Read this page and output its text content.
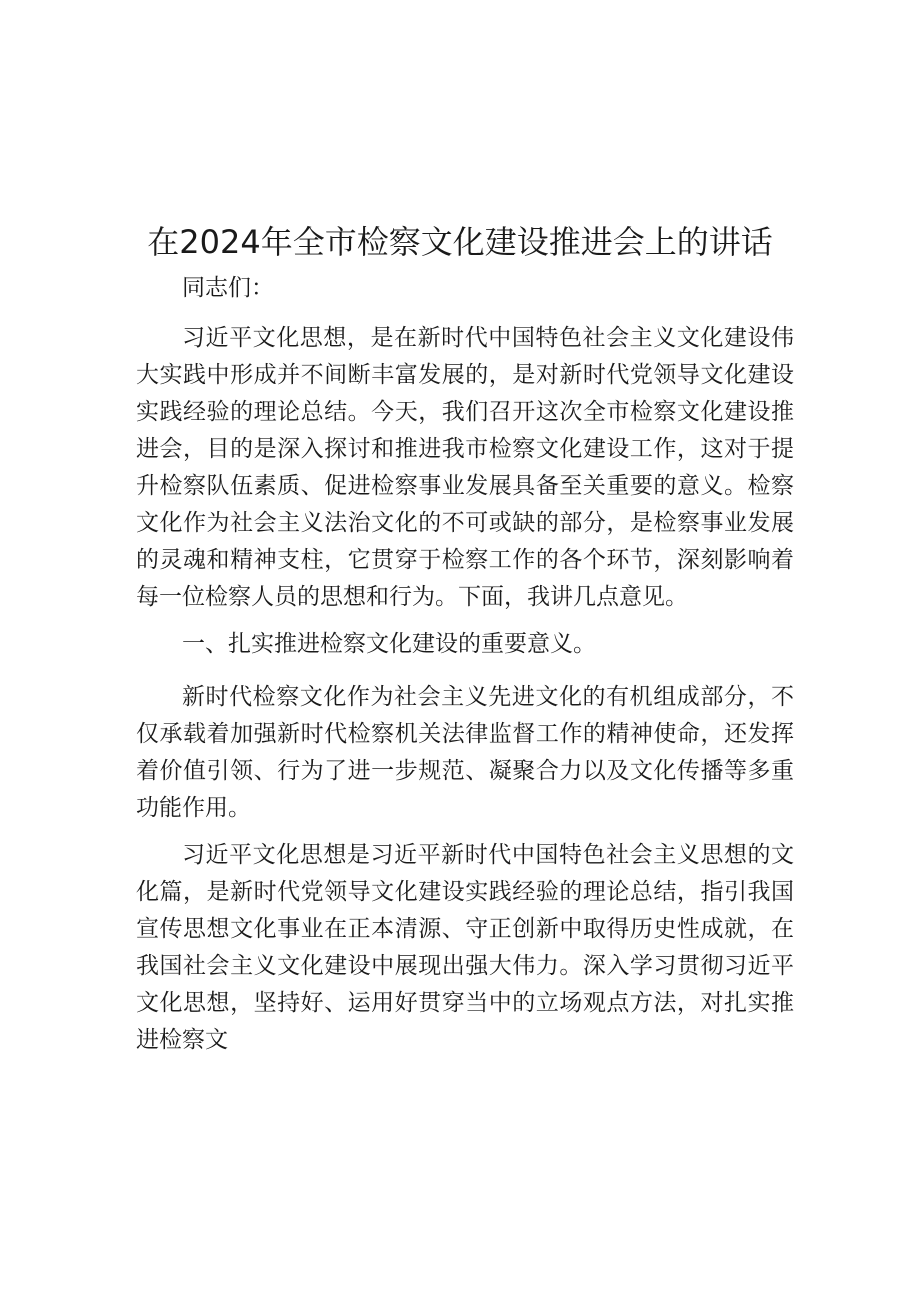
在2024年全市检察文化建设推进会上的讲话

同志们：

习近平文化思想，是在新时代中国特色社会主义文化建设伟大实践中形成并不间断丰富发展的，是对新时代党领导文化建设实践经验的理论总结。今天，我们召开这次全市检察文化建设推进会，目的是深入探讨和推进我市检察文化建设工作，这对于提升检察队伍素质、促进检察事业发展具备至关重要的意义。检察文化作为社会主义法治文化的不可或缺的部分，是检察事业发展的灵魂和精神支柱，它贯穿于检察工作的各个环节，深刻影响着每一位检察人员的思想和行为。下面，我讲几点意见。

一、扎实推进检察文化建设的重要意义。

新时代检察文化作为社会主义先进文化的有机组成部分，不仅承载着加强新时代检察机关法律监督工作的精神使命，还发挥着价值引领、行为了进一步规范、凝聚合力以及文化传播等多重功能作用。

习近平文化思想是习近平新时代中国特色社会主义思想的文化篇，是新时代党领导文化建设实践经验的理论总结，指引我国宣传思想文化事业在正本清源、守正创新中取得历史性成就，在我国社会主义文化建设中展现出强大伟力。深入学习贯彻习近平文化思想，坚持好、运用好贯穿当中的立场观点方法，对扎实推进检察文
